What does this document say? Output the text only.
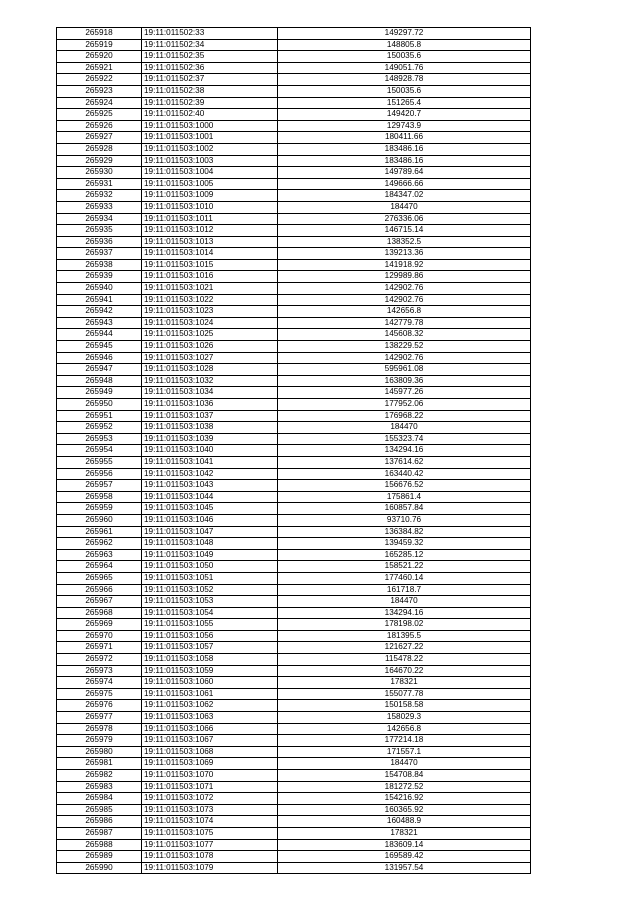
265918	19:11:011502:33	149297.72
265919	19:11:011502:34	148805.8
265920	19:11:011502:35	150035.6
265921	19:11:011502:36	149051.76
265922	19:11:011502:37	148928.78
265923	19:11:011502:38	150035.6
265924	19:11:011502:39	151265.4
265925	19:11:011502:40	149420.7
265926	19:11:011503:1000	129743.9
265927	19:11:011503:1001	180411.66
265928	19:11:011503:1002	183486.16
265929	19:11:011503:1003	183486.16
265930	19:11:011503:1004	149789.64
265931	19:11:011503:1005	149666.66
265932	19:11:011503:1009	184347.02
265933	19:11:011503:1010	184470
265934	19:11:011503:1011	276336.06
265935	19:11:011503:1012	146715.14
265936	19:11:011503:1013	138352.5
265937	19:11:011503:1014	139213.36
265938	19:11:011503:1015	141918.92
265939	19:11:011503:1016	129989.86
265940	19:11:011503:1021	142902.76
265941	19:11:011503:1022	142902.76
265942	19:11:011503:1023	142656.8
265943	19:11:011503:1024	142779.78
265944	19:11:011503:1025	145608.32
265945	19:11:011503:1026	138229.52
265946	19:11:011503:1027	142902.76
265947	19:11:011503:1028	595961.08
265948	19:11:011503:1032	163809.36
265949	19:11:011503:1034	145977.26
265950	19:11:011503:1036	177952.06
265951	19:11:011503:1037	176968.22
265952	19:11:011503:1038	184470
265953	19:11:011503:1039	155323.74
265954	19:11:011503:1040	134294.16
265955	19:11:011503:1041	137614.62
265956	19:11:011503:1042	163440.42
265957	19:11:011503:1043	156676.52
265958	19:11:011503:1044	175861.4
265959	19:11:011503:1045	160857.84
265960	19:11:011503:1046	93710.76
265961	19:11:011503:1047	136384.82
265962	19:11:011503:1048	139459.32
265963	19:11:011503:1049	165285.12
265964	19:11:011503:1050	158521.22
265965	19:11:011503:1051	177460.14
265966	19:11:011503:1052	161718.7
265967	19:11:011503:1053	184470
265968	19:11:011503:1054	134294.16
265969	19:11:011503:1055	178198.02
265970	19:11:011503:1056	181395.5
265971	19:11:011503:1057	121627.22
265972	19:11:011503:1058	115478.22
265973	19:11:011503:1059	164670.22
265974	19:11:011503:1060	178321
265975	19:11:011503:1061	155077.78
265976	19:11:011503:1062	150158.58
265977	19:11:011503:1063	158029.3
265978	19:11:011503:1066	142656.8
265979	19:11:011503:1067	177214.18
265980	19:11:011503:1068	171557.1
265981	19:11:011503:1069	184470
265982	19:11:011503:1070	154708.84
265983	19:11:011503:1071	181272.52
265984	19:11:011503:1072	154216.92
265985	19:11:011503:1073	160365.92
265986	19:11:011503:1074	160488.9
265987	19:11:011503:1075	178321
265988	19:11:011503:1077	183609.14
265989	19:11:011503:1078	169589.42
265990	19:11:011503:1079	131957.54
